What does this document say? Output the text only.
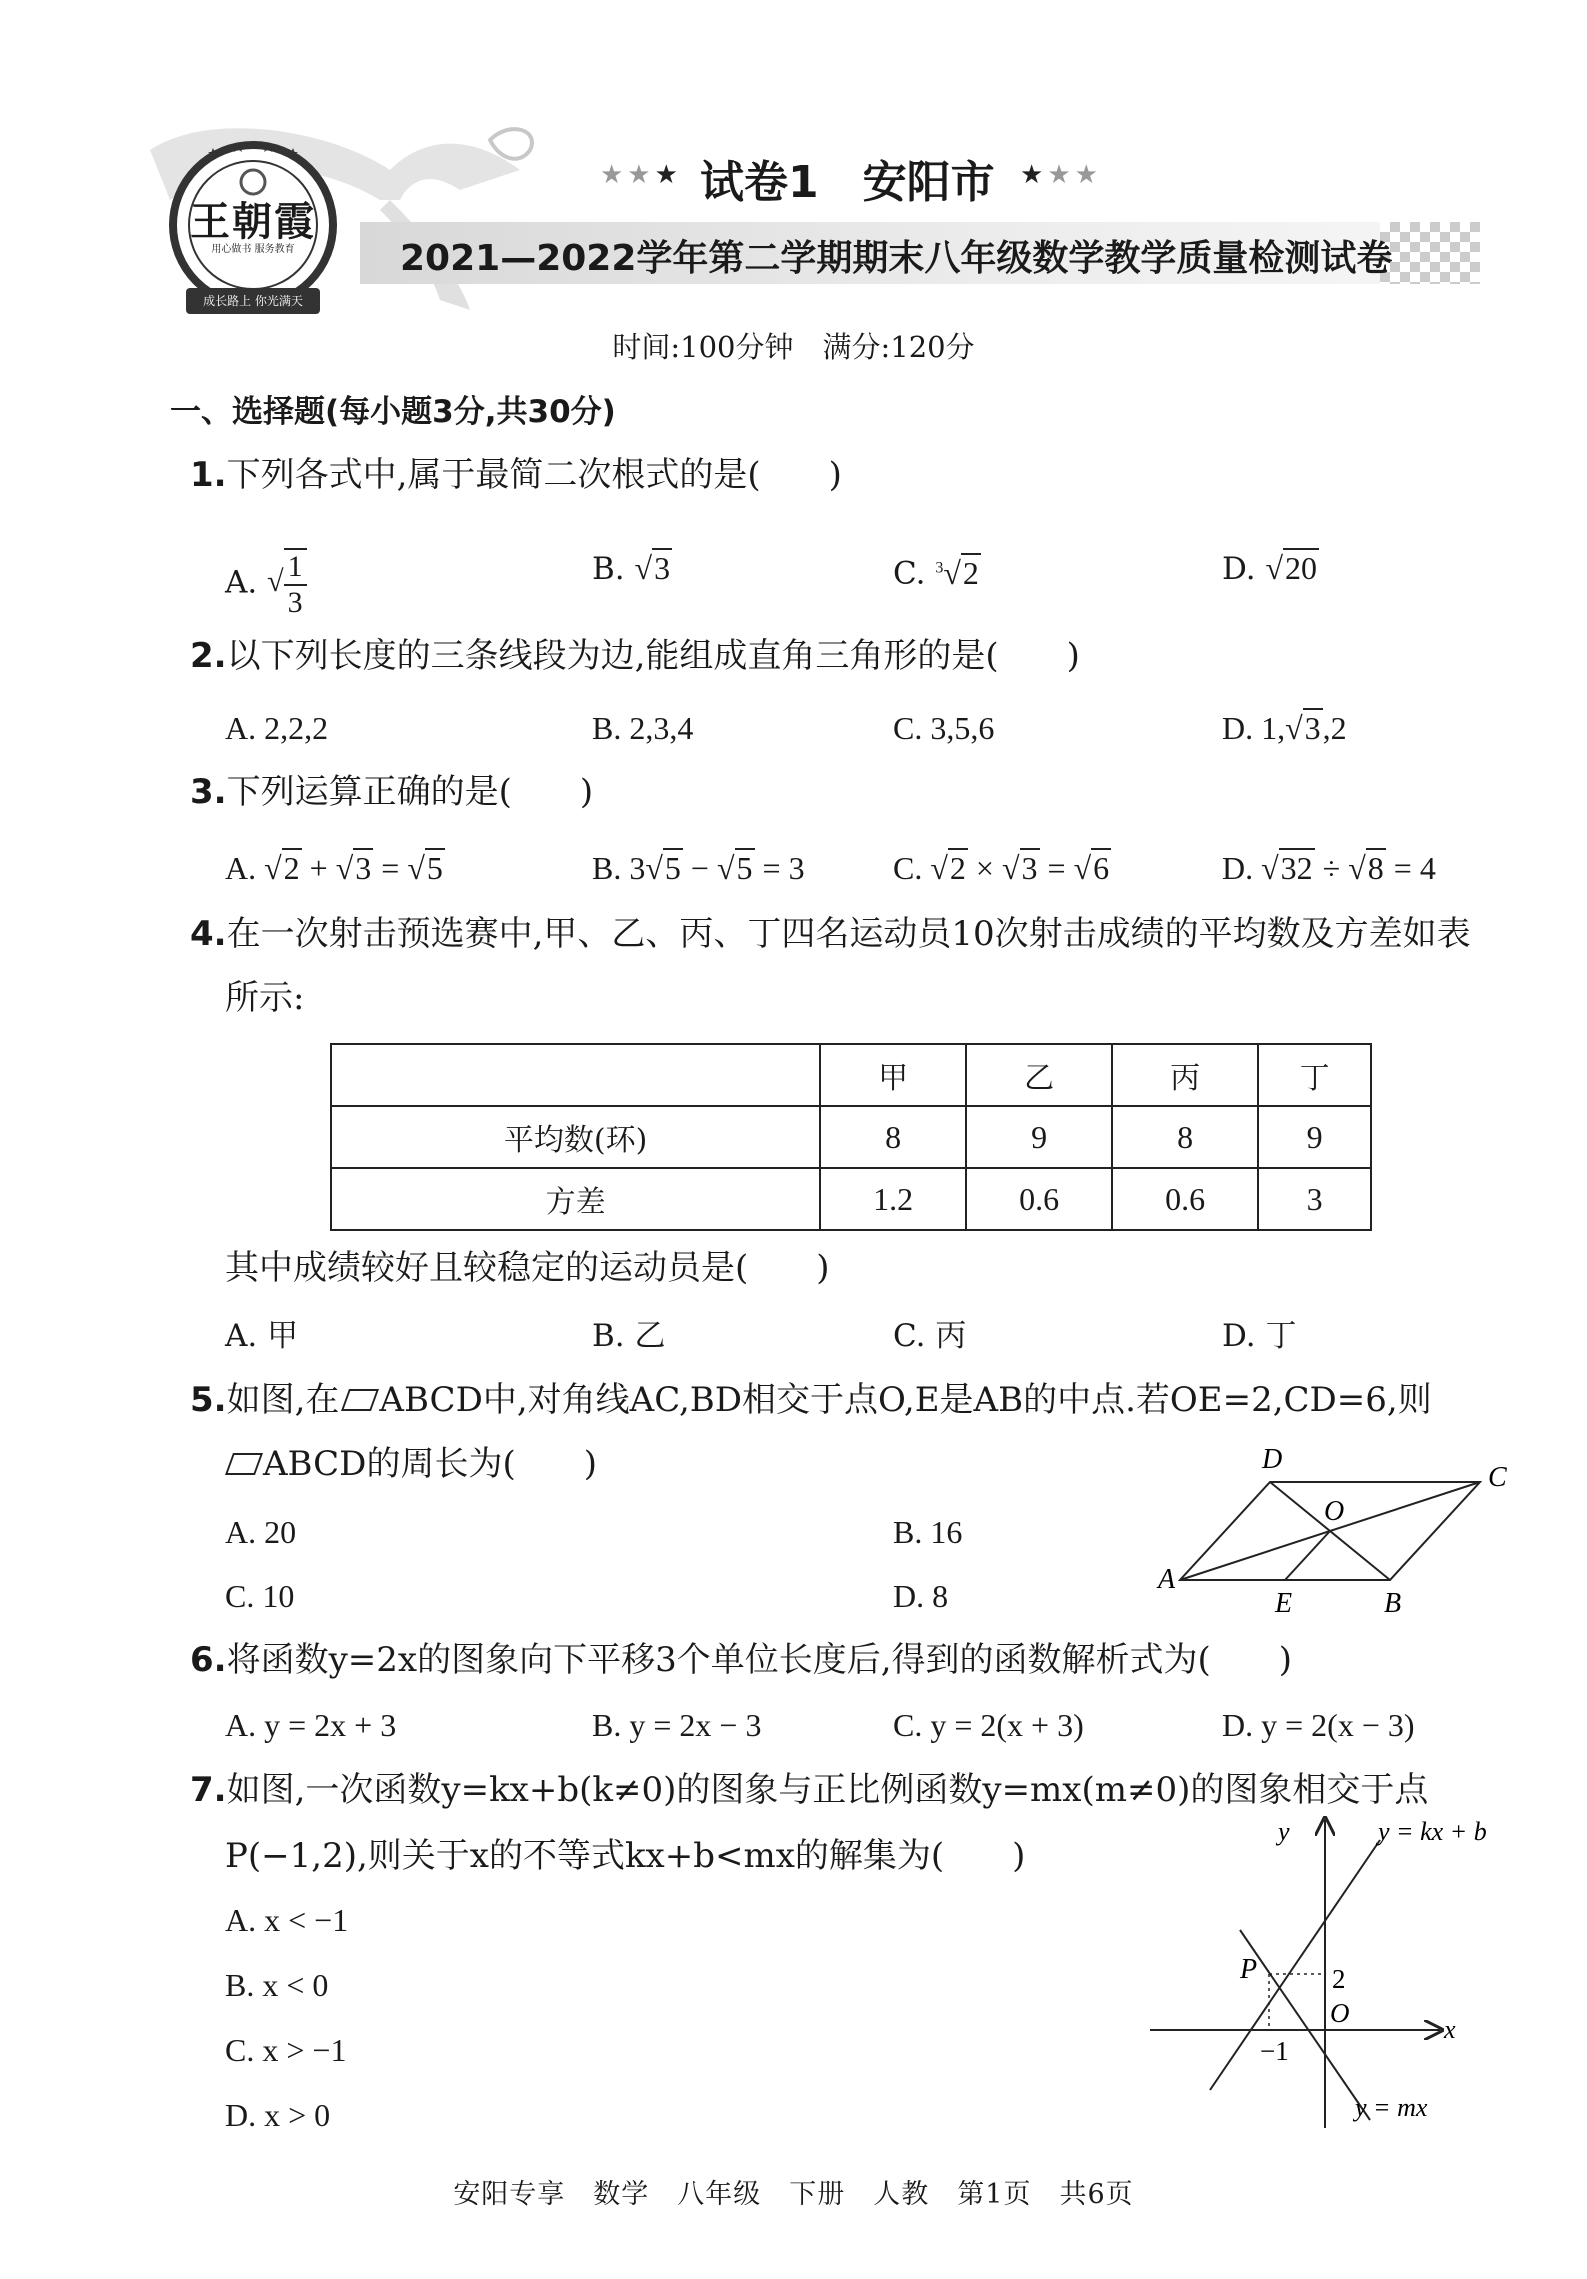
王朝霞
用心做书 服务教育
成长路上 你光满天
★★★ 试卷1　安阳市 ★★★
2021—2022学年第二学期期末八年级数学教学质量检测试卷
时间:100分钟　满分:120分
一、选择题(每小题3分,共30分)
1.下列各式中,属于最简二次根式的是(　　)
A. √ $\frac{1}{3}$	B. √3	C. $^3$√2	D. √20
2.以下列长度的三条线段为边,能组成直角三角形的是(　　)
A. 2,2,2	B. 2,3,4	C. 3,5,6	D. 1,√3,2
3.下列运算正确的是(　　)
A. √2 + √3 = √5	B. 3√5 − √5 = 3	C. √2 × √3 = √6	D. √32 ÷ √8 = 4
4.在一次射击预选赛中,甲、乙、丙、丁四名运动员10次射击成绩的平均数及方差如表
所示:
	甲	乙	丙	丁
平均数(环)	8	9	8	9
方差	1.2	0.6	0.6	3
其中成绩较好且较稳定的运动员是(　　)
A. 甲	B. 乙	C. 丙	D. 丁
5.如图,在 ABCD中,对角线AC,BD相交于点O,E是AB的中点.若OE=2,CD=6,则
ABCD的周长为(　　)
A. 20	B. 16
C. 10	D. 8	A
B
C
D
E
O
6.将函数y=2x的图象向下平移3个单位长度后,得到的函数解析式为(　　)
A. y = 2x + 3	B. y = 2x − 3	C. y = 2(x + 3)	D. y = 2(x − 3)
7.如图,一次函数y=kx+b(k≠0)的图象与正比例函数y=mx(m≠0)的图象相交于点
P(−1,2),则关于x的不等式kx+b<mx的解集为(　　)
A. x < −1
B. x < 0
C. x > −1
D. x > 0
y
x
P	2
O
−1
y = kx + b
y = mx
安阳专享　数学　八年级　下册　人教　第1页　共6页
